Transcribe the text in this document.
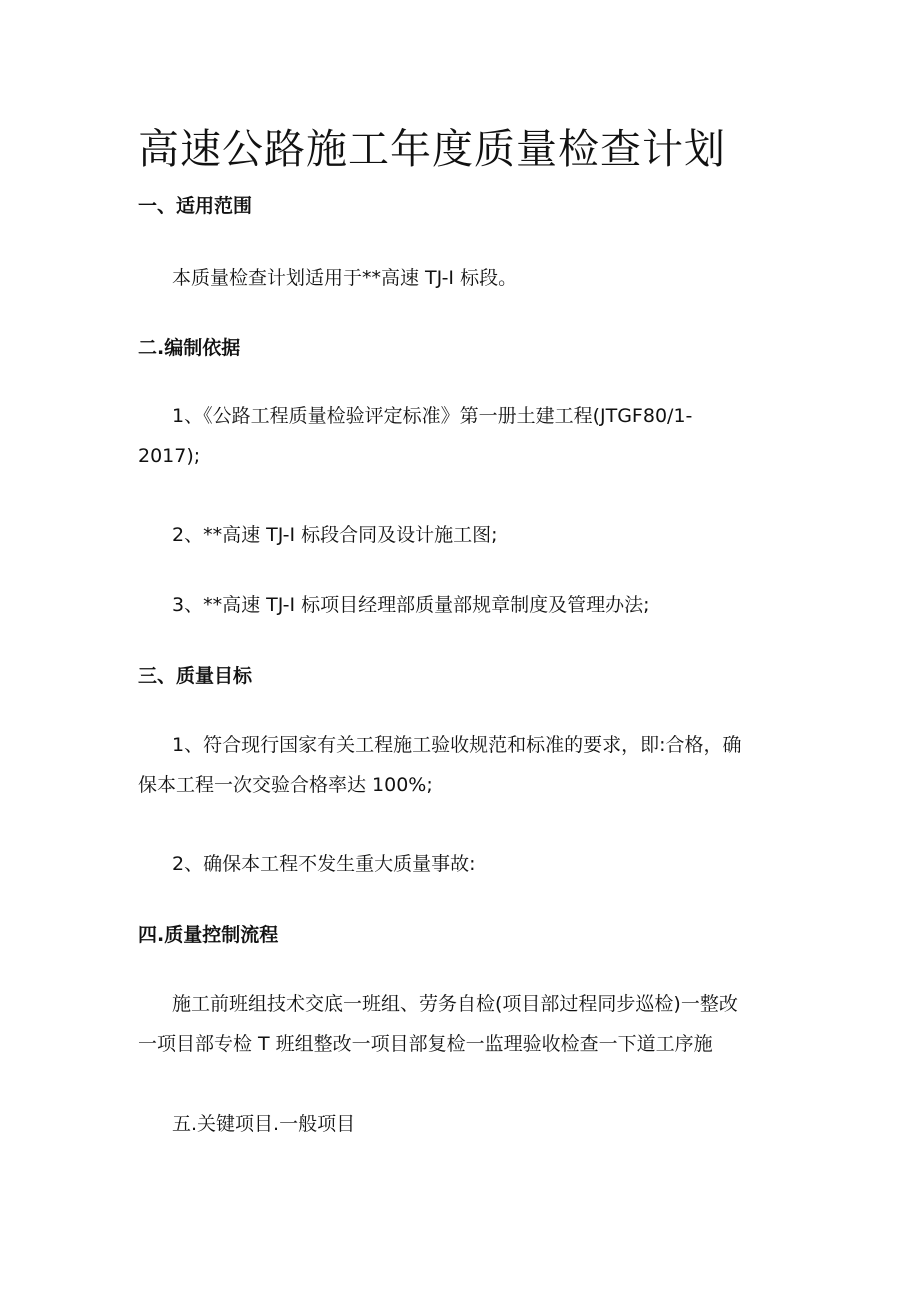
高速公路施工年度质量检查计划
一、适用范围

本质量检查计划适用于**高速 TJ-I 标段。

二.编制依据

1、《公路工程质量检验评定标准》第一册土建工程(JTGF80/1-
2017);

2、**高速 TJ-I 标段合同及设计施工图;

3、**高速 TJ-I 标项目经理部质量部规章制度及管理办法;

三、质量目标

1、符合现行国家有关工程施工验收规范和标准的要求，即:合格，确
保本工程一次交验合格率达 100%;

2、确保本工程不发生重大质量事故:

四.质量控制流程

施工前班组技术交底一班组、劳务自检(项目部过程同步巡检)一整改
一项目部专检 T 班组整改一项目部复检一监理验收检查一下道工序施

五.关键项目.一般项目
